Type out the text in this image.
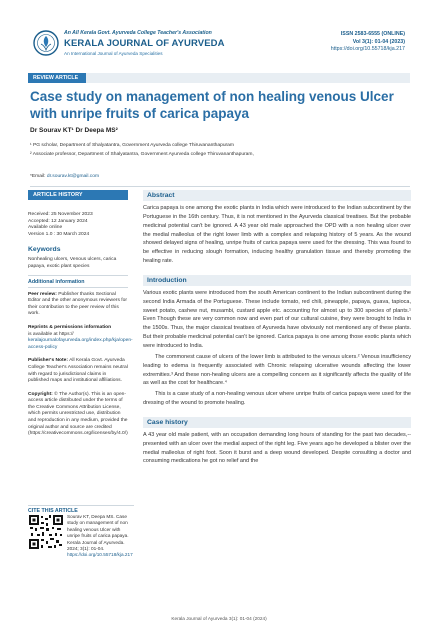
An All Kerala Govt. Ayurveda College Teacher's Association
KERALA JOURNAL OF AYURVEDA
An International Journal of Ayurveda Specialities
ISSN 2583-6555 (ONLINE)
Vol 3(1): 01-04 (2023)
https://doi.org/10.55718/kja.217
REVIEW ARTICLE
Case study on management of non healing venous Ulcer with unripe fruits of carica papaya
Dr Sourav KT¹ Dr Deepa MS²
¹ PG scholar, Department of Shalyatantra, Government Ayurveda college Thiruvananthapuram
² Associate professor, Department of Shalyatantra, Government Ayurveda college Thiruvananthapuram,
*Email: dr.sourav.kt@gmail.com
ARTICLE HISTORY
Received: 25 November 2023
Accepted: 12 January 2024
Available online
Version 1.0 : 30 March 2024
Keywords
Nonhealing ulcers, Venous ulcers, carica papaya, exotic plant species
Additional information
Peer review: Publisher thanks Sectional Editor and the other anonymous reviewers for their contribution to the peer review of this work.
Reprints & permissions information
is available at https://
keralajournalofayurveda.org/index.php/kja/open-access-policy
Publisher's Note: All Kerala Govt. Ayurveda College Teacher's Association remains neutral with regard to jurisdictional claims in published maps and institutional affiliations.
Copyright: © The Author(s). This is an open-access article distributed under the terms of the Creative Commons Attribution License, which permits unrestricted use, distribution and reproduction in any medium, provided the original author and source are credited (https://creativecommons.org/licenses/by/4.0/)
CITE THIS ARTICLE
Sourav KT, Deepa MS. Case study on management of non healing venous Ulcer with unripe fruits of carica papaya. Kerala Journal of Ayurveda. 2024; 3(1): 01-04. https://doi.org/10.55718/kja.217
Abstract

Carica papaya is one among the exotic plants in India which were introduced to the Indian subcontinent by the Portuguese in the 16th century. Thus, it is not mentioned in the Ayurveda classical treatises. But the probable medicinal potential can't be ignored. A 43 year old male approached the OPD with a non healing ulcer over the medial malleolus of the right lower limb with a complex and relapsing history of 5 years. As the wound showed delayed signs of healing, unripe fruits of carica papaya were used for the dressing. This was found to be effective in reducing slough formation, inducing healthy granulation tissue and thereby promoting the healing rate.

Introduction

Various exotic plants were introduced from the south American continent to the Indian subcontinent during the second India Armada of the Portuguese. These include tomato, red chili, pineapple, papaya, guava, tapioca, sweet potato, cashew nut, musambi, custard apple etc. accounting for almost up to 300 species of plants.¹ Even Though these are very common now and even part of our cultural cuisine, they were brought to India in the 1500s. Thus, the major classical treatises of Ayurveda have obviously not mentioned any of these plants. But their probable medicinal potential can't be ignored. Carica papaya is one among those exotic plants which were introduced to India.

The commonest cause of ulcers of the lower limb is attributed to the venous ulcers.² Venous insufficiency leading to edema is frequently associated with Chronic relapsing ulcerative wounds affecting the lower extremities.³ And these non-healing ulcers are a compelling concern as it significantly affects the quality of life as well as the cost for healthcare.⁴

This is a case study of a non-healing venous ulcer where unripe fruits of carica papaya were used for the dressing of the wound to promote healing.

Case history

A 43 year old male patient, with an occupation demanding long hours of standing for the past two decades,-- presented with an ulcer over the medial aspect of the right leg. Five years ago he developed a blister over the medial malleolus of right foot. Soon it burst and a deep wound developed. Despite consulting a doctor and consuming medications he got no relief and the

Kerala Journal of Ayurveda 3(1): 01-04 (2024)
